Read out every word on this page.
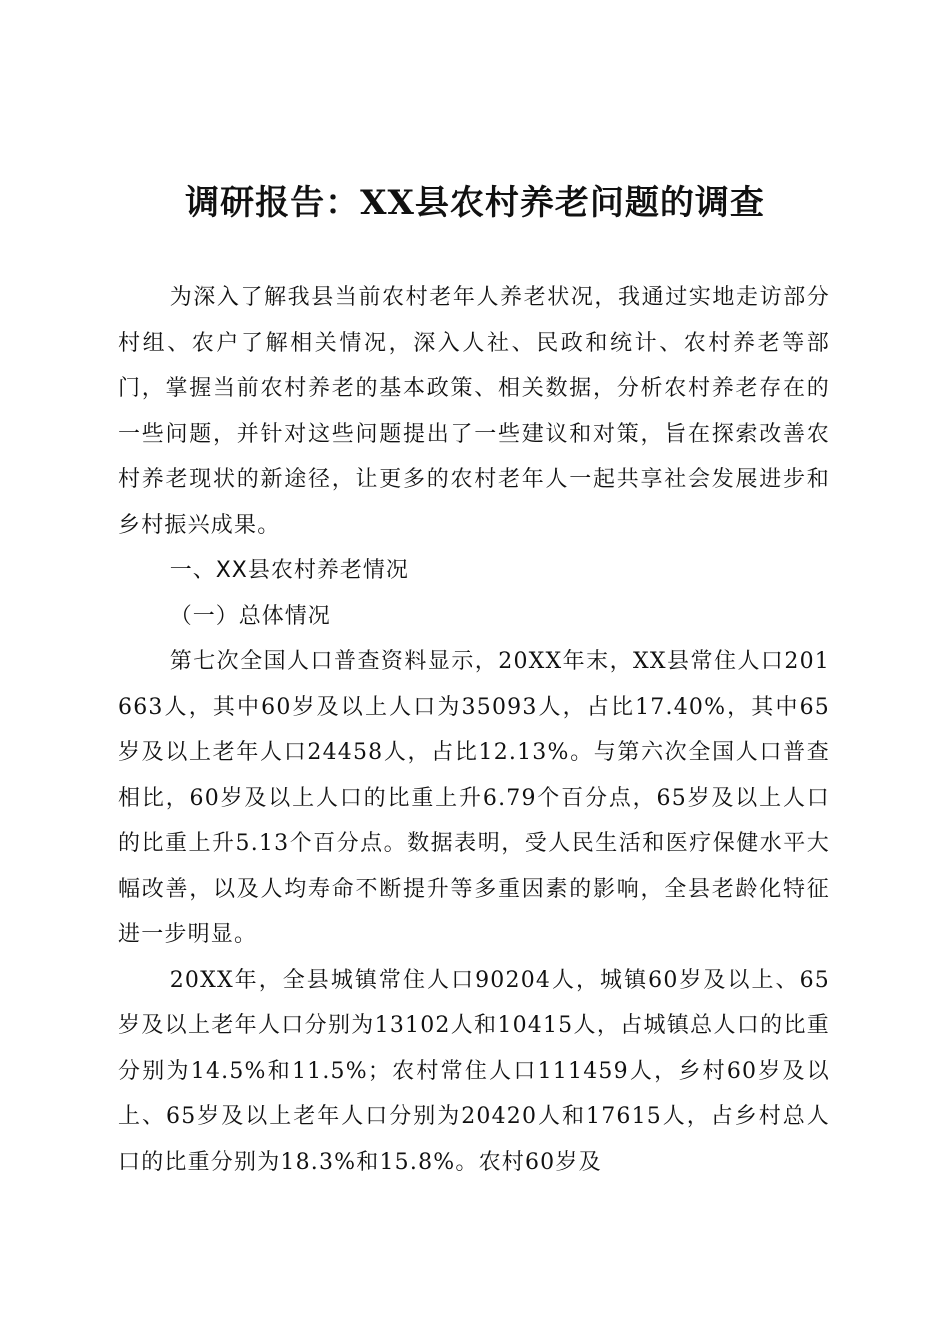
调研报告：XX县农村养老问题的调查

为深入了解我县当前农村老年人养老状况，我通过实地走访部分村组、农户了解相关情况，深入人社、民政和统计、农村养老等部门，掌握当前农村养老的基本政策、相关数据，分析农村养老存在的一些问题，并针对这些问题提出了一些建议和对策，旨在探索改善农村养老现状的新途径，让更多的农村老年人一起共享社会发展进步和乡村振兴成果。

一、XX县农村养老情况

（一）总体情况

第七次全国人口普查资料显示，20XX年末，XX县常住人口201663人，其中60岁及以上人口为35093人，占比17.40%，其中65岁及以上老年人口24458人，占比12.13%。与第六次全国人口普查相比，60岁及以上人口的比重上升6.79个百分点，65岁及以上人口的比重上升5.13个百分点。数据表明，受人民生活和医疗保健水平大幅改善，以及人均寿命不断提升等多重因素的影响，全县老龄化特征进一步明显。

20XX年，全县城镇常住人口90204人，城镇60岁及以上、65岁及以上老年人口分别为13102人和10415人，占城镇总人口的比重分别为14.5%和11.5%；农村常住人口111459人，乡村60岁及以上、65岁及以上老年人口分别为20420人和17615人，占乡村总人口的比重分别为18.3%和15.8%。农村60岁及
